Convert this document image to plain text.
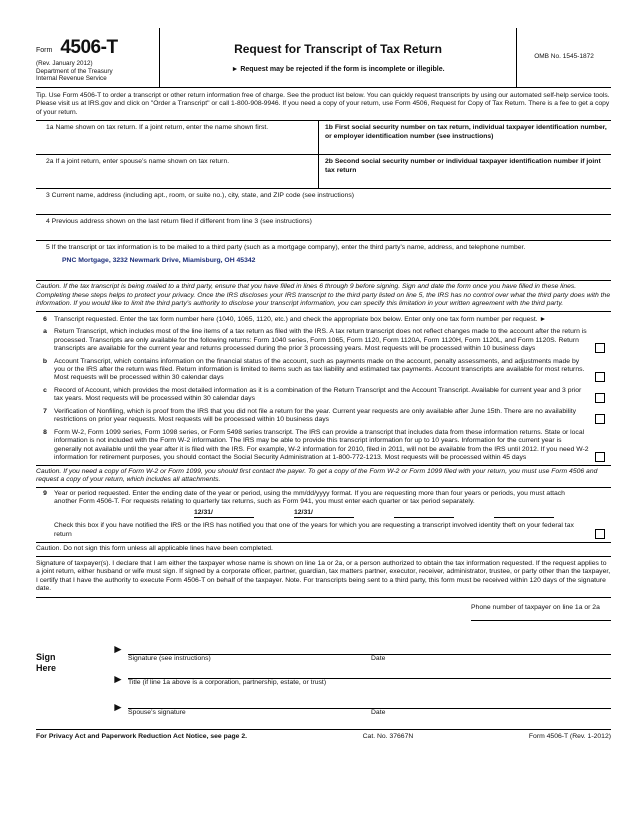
Form 4506-T
(Rev. January 2012)
Department of the Treasury
Internal Revenue Service
Request for Transcript of Tax Return
► Request may be rejected if the form is incomplete or illegible.
OMB No. 1545-1872
Tip. Use Form 4506-T to order a transcript or other return information free of charge. See the product list below. You can quickly request transcripts by using our automated self-help service tools. Please visit us at IRS.gov and click on "Order a Transcript" or call 1-800-908-9946. If you need a copy of your return, use Form 4506, Request for Copy of Tax Return. There is a fee to get a copy of your return.
1a Name shown on tax return. If a joint return, enter the name shown first.	1b First social security number on tax return, individual taxpayer identification number, or employer identification number (see instructions)
2a If a joint return, enter spouse’s name shown on tax return.	2b Second social security number or individual taxpayer identification number if joint tax return
3 Current name, address (including apt., room, or suite no.), city, state, and ZIP code (see instructions)
4 Previous address shown on the last return filed if different from line 3 (see instructions)
5 If the transcript or tax information is to be mailed to a third party (such as a mortgage company), enter the third party’s name, address, and telephone number.
PNC Mortgage, 3232 Newmark Drive, Miamisburg, OH 45342
Caution. If the tax transcript is being mailed to a third party, ensure that you have filled in lines 6 through 9 before signing. Sign and date the form once you have filled in these lines. Completing these steps helps to protect your privacy. Once the IRS discloses your IRS transcript to the third party listed on line 5, the IRS has no control over what the third party does with the information. If you would like to limit the third party’s authority to disclose your transcript information, you can specify this limitation in your written agreement with the third party.
6	Transcript requested. Enter the tax form number here (1040, 1065, 1120, etc.) and check the appropriate box below. Enter only one tax form number per request. ►
a	Return Transcript, which includes most of the line items of a tax return as filed with the IRS. A tax return transcript does not reflect changes made to the account after the return is processed. Transcripts are only available for the following returns: Form 1040 series, Form 1065, Form 1120, Form 1120A, Form 1120H, Form 1120L, and Form 1120S. Return transcripts are available for the current year and returns processed during the prior 3 processing years. Most requests will be processed within 10 business days
b	Account Transcript, which contains information on the financial status of the account, such as payments made on the account, penalty assessments, and adjustments made by you or the IRS after the return was filed. Return information is limited to items such as tax liability and estimated tax payments. Account transcripts are available for most returns. Most requests will be processed within 30 calendar days
c	Record of Account, which provides the most detailed information as it is a combination of the Return Transcript and the Account Transcript. Available for current year and 3 prior tax years. Most requests will be processed within 30 calendar days
7	Verification of Nonfiling, which is proof from the IRS that you did not file a return for the year. Current year requests are only available after June 15th. There are no availability restrictions on prior year requests. Most requests will be processed within 10 business days
8	Form W-2, Form 1099 series, Form 1098 series, or Form 5498 series transcript. The IRS can provide a transcript that includes data from these information returns. State or local information is not included with the Form W-2 information. The IRS may be able to provide this transcript information for up to 10 years. Information for the current year is generally not available until the year after it is filed with the IRS. For example, W-2 information for 2010, filed in 2011, will not be available from the IRS until 2012. If you need W-2 information for retirement purposes, you should contact the Social Security Administration at 1-800-772-1213. Most requests will be processed within 45 days
Caution. If you need a copy of Form W-2 or Form 1099, you should first contact the payer. To get a copy of the Form W-2 or Form 1099 filed with your return, you must use Form 4506 and request a copy of your return, which includes all attachments.
9	Year or period requested. Enter the ending date of the year or period, using the mm/dd/yyyy format. If you are requesting more than four years or periods, you must attach another Form 4506-T. For requests relating to quarterly tax returns, such as Form 941, you must enter each quarter or tax period separately.
12/31/	12/31/
Check this box if you have notified the IRS or the IRS has notified you that one of the years for which you are requesting a transcript involved identity theft on your federal tax return
Caution. Do not sign this form unless all applicable lines have been completed.
Signature of taxpayer(s). I declare that I am either the taxpayer whose name is shown on line 1a or 2a, or a person authorized to obtain the tax information requested. If the request applies to a joint return, either husband or wife must sign. If signed by a corporate officer, partner, guardian, tax matters partner, executor, receiver, administrator, trustee, or party other than the taxpayer, I certify that I have the authority to execute Form 4506-T on behalf of the taxpayer. Note. For transcripts being sent to a third party, this form must be received within 120 days of the signature date.
Sign Here
Phone number of taxpayer on line 1a or 2a
Signature (see instructions)	Date
Title (if line 1a above is a corporation, partnership, estate, or trust)
Spouse’s signature	Date
►
►
►
For Privacy Act and Paperwork Reduction Act Notice, see page 2.	Cat. No. 37667N	Form 4506-T (Rev. 1-2012)
